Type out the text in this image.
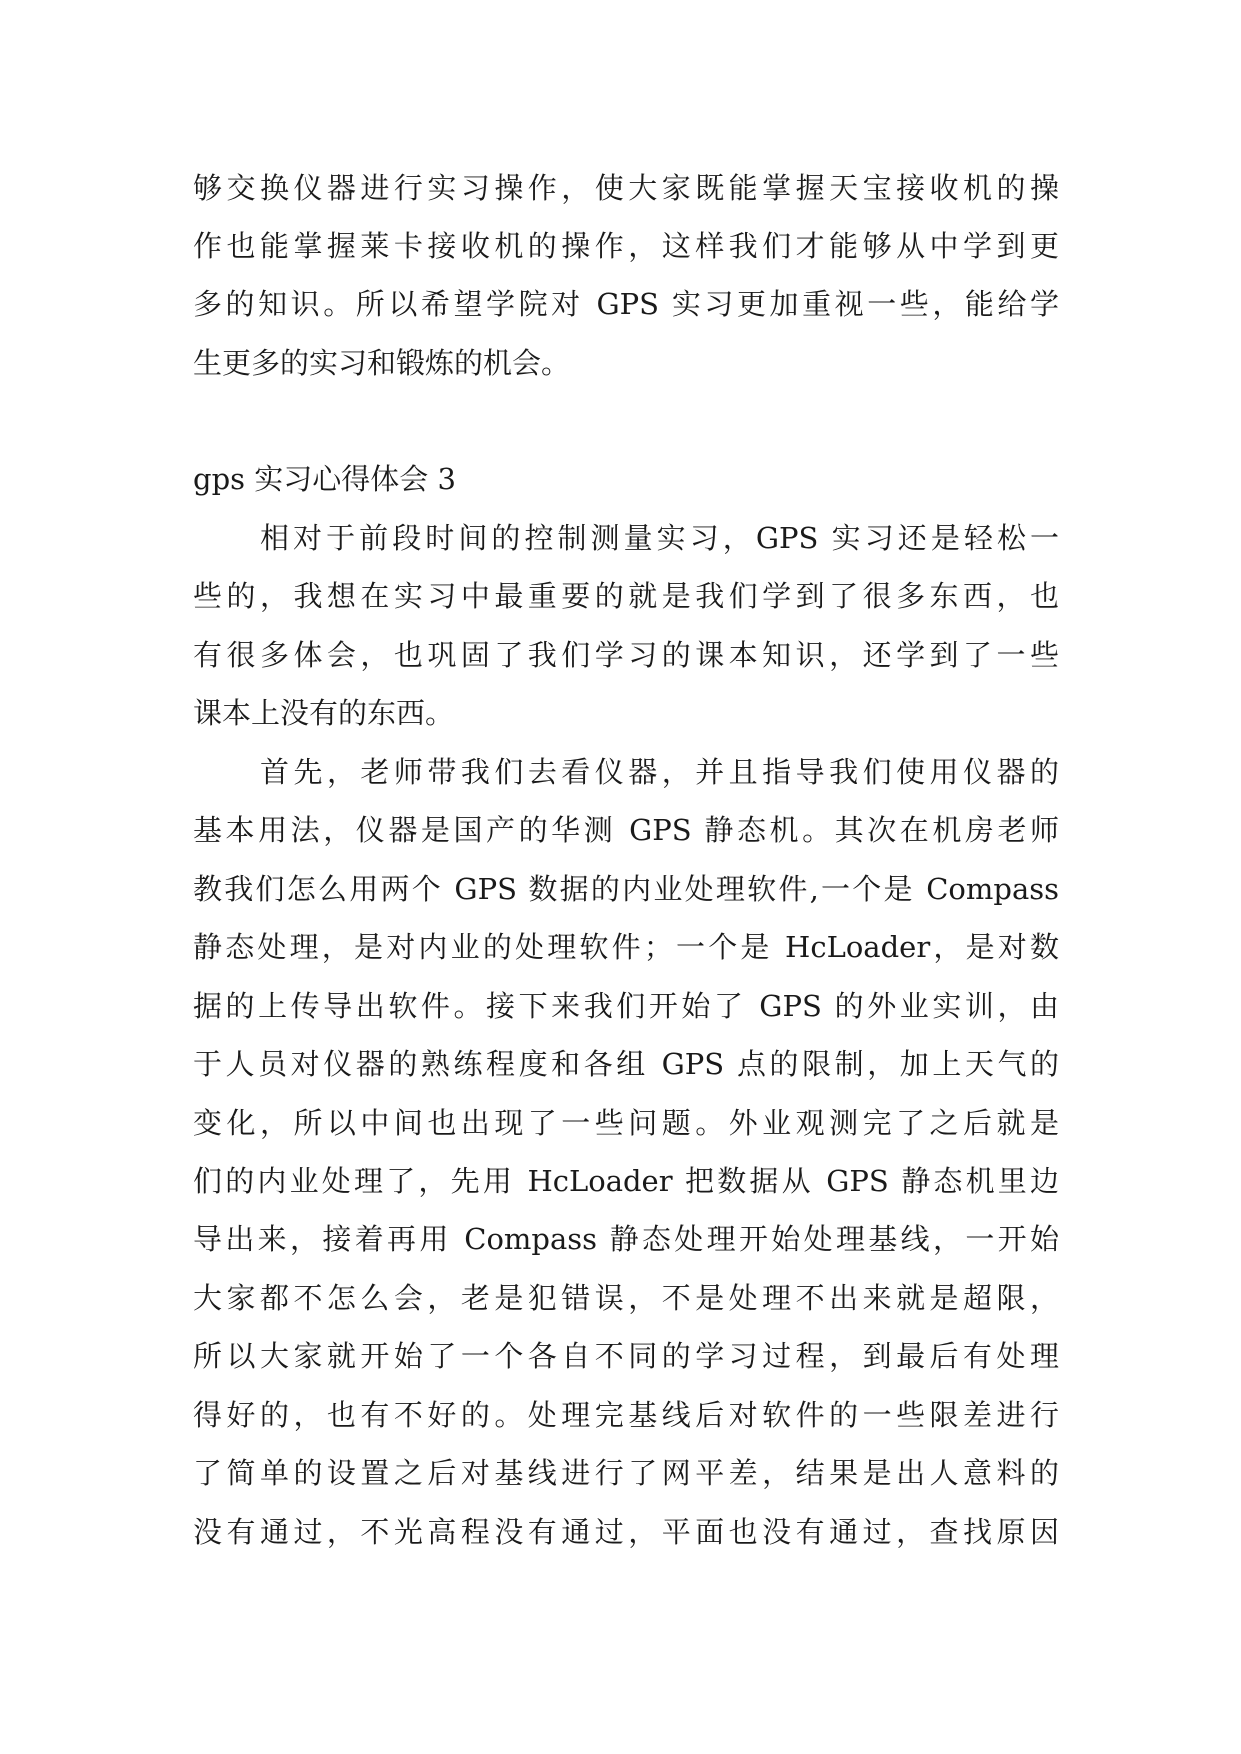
够交换仪器进行实习操作，使大家既能掌握天宝接收机的操
作也能掌握莱卡接收机的操作，这样我们才能够从中学到更
多的知识。所以希望学院对 GPS 实习更加重视一些，能给学
生更多的实习和锻炼的机会。
gps 实习心得体会 3
相对于前段时间的控制测量实习，GPS 实习还是轻松一
些的，我想在实习中最重要的就是我们学到了很多东西，也
有很多体会，也巩固了我们学习的课本知识，还学到了一些
课本上没有的东西。
首先，老师带我们去看仪器，并且指导我们使用仪器的
基本用法，仪器是国产的华测 GPS 静态机。其次在机房老师
教我们怎么用两个 GPS 数据的内业处理软件,一个是 Compass
静态处理，是对内业的处理软件；一个是 HcLoader，是对数
据的上传导出软件。接下来我们开始了 GPS 的外业实训，由
于人员对仪器的熟练程度和各组 GPS 点的限制，加上天气的
变化，所以中间也出现了一些问题。外业观测完了之后就是
们的内业处理了，先用 HcLoader 把数据从 GPS 静态机里边
导出来，接着再用 Compass 静态处理开始处理基线，一开始
大家都不怎么会，老是犯错误，不是处理不出来就是超限，
所以大家就开始了一个各自不同的学习过程，到最后有处理
得好的，也有不好的。处理完基线后对软件的一些限差进行
了简单的设置之后对基线进行了网平差，结果是出人意料的
没有通过，不光高程没有通过，平面也没有通过，查找原因
